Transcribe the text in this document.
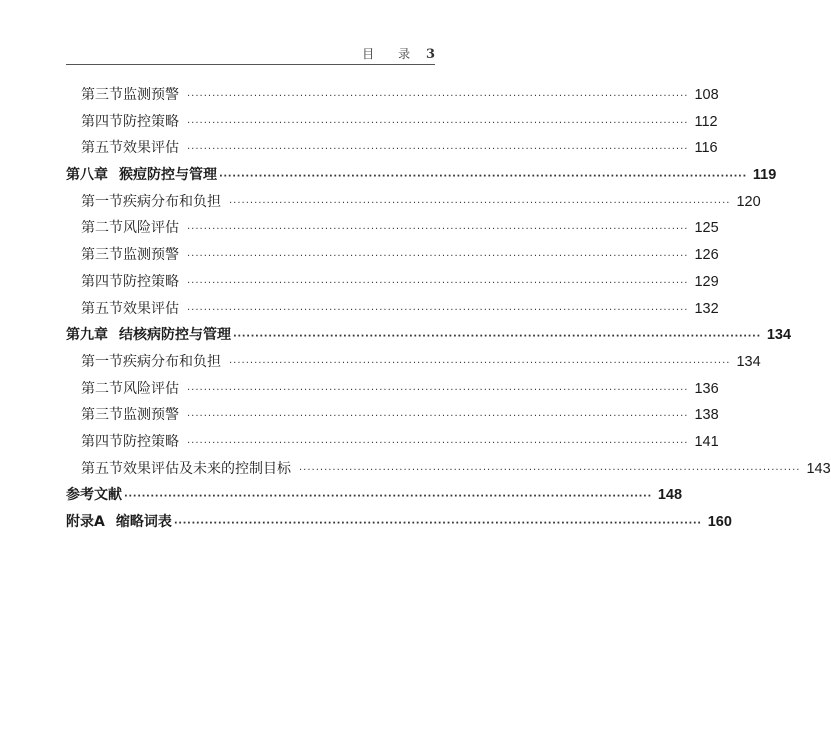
目　录 3
第三节 监测预警 ························································································································ 108
第四节 防控策略 ························································································································ 112
第五节 效果评估 ························································································································ 116
第八章 猴痘防控与管理 ························································································································ 119
第一节 疾病分布和负担 ························································································································ 120
第二节 风险评估 ························································································································ 125
第三节 监测预警 ························································································································ 126
第四节 防控策略 ························································································································ 129
第五节 效果评估 ························································································································ 132
第九章 结核病防控与管理 ························································································································ 134
第一节 疾病分布和负担 ························································································································ 134
第二节 风险评估 ························································································································ 136
第三节 监测预警 ························································································································ 138
第四节 防控策略 ························································································································ 141
第五节 效果评估及未来的控制目标 ························································································································ 143
参考文献 ························································································································ 148
附录A 缩略词表 ························································································································ 160
